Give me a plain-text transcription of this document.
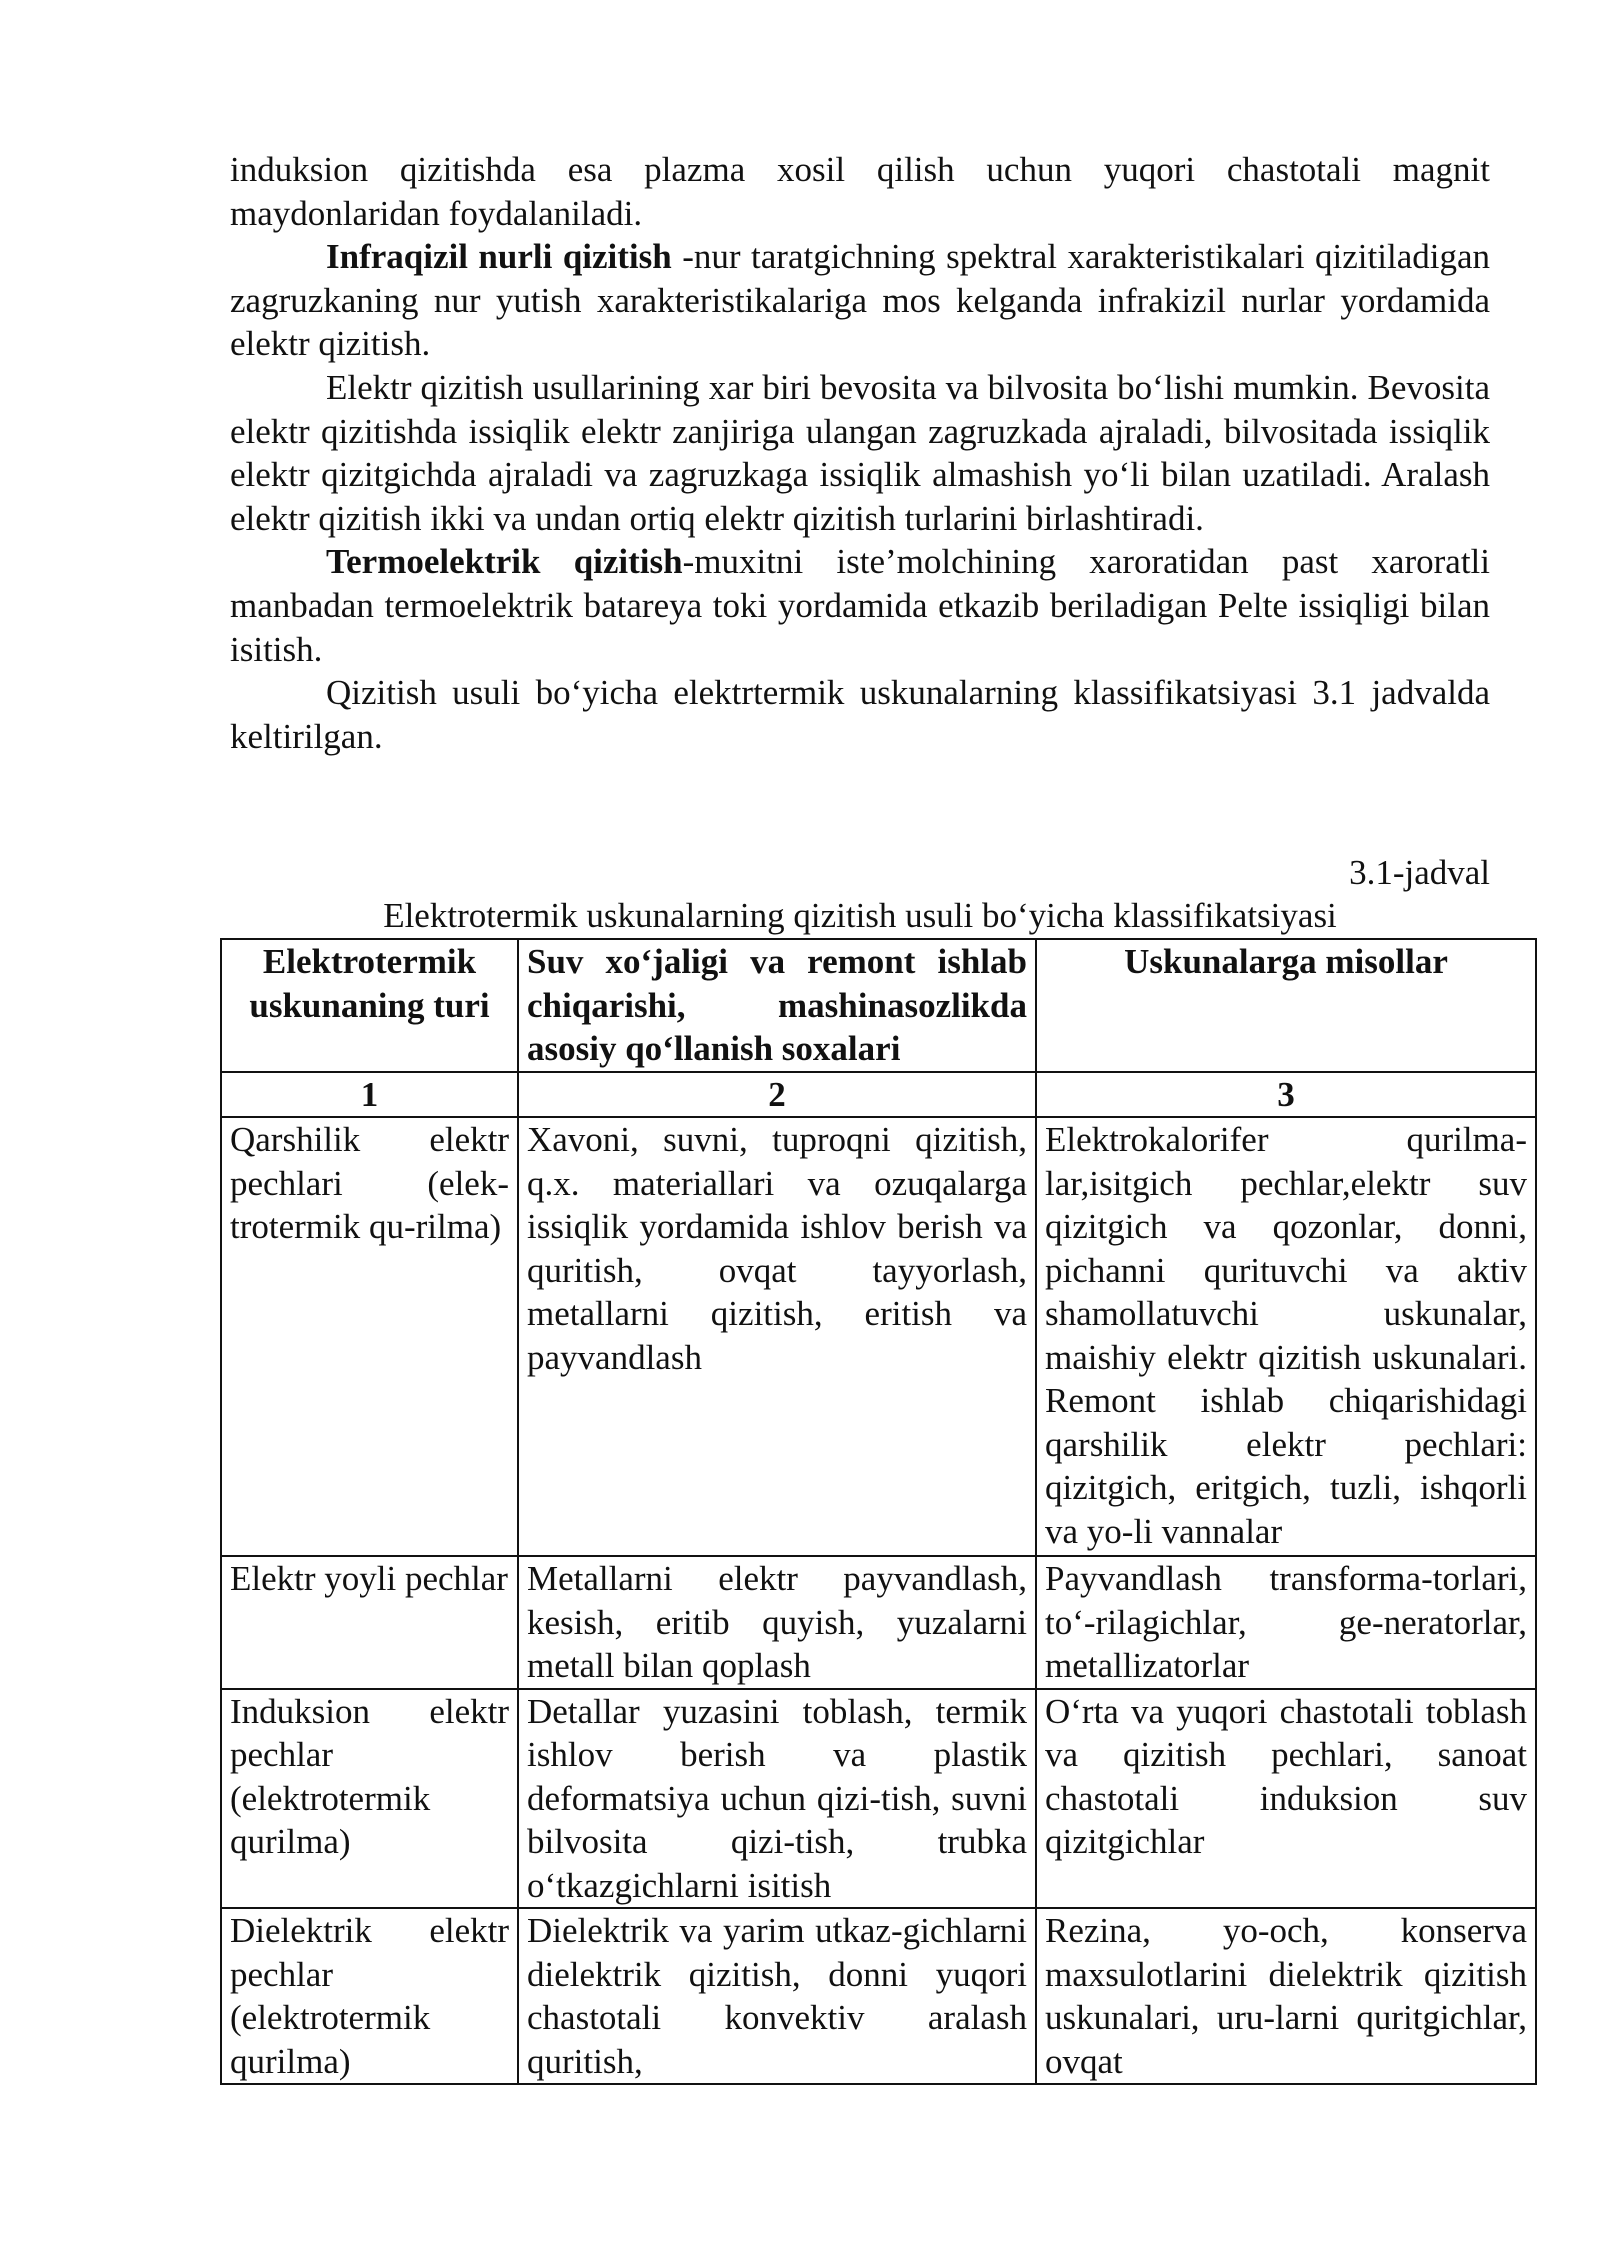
induksion qizitishda esa plazma xosil qilish uchun yuqori chastotali magnit maydonlaridan foydalaniladi.

Infraqizil nurli qizitish -nur taratgichning spektral xarakteristikalari qizitiladigan zagruzkaning nur yutish xarakteristikalariga mos kelganda infrakizil nurlar yordamida elektr qizitish.

Elektr qizitish usullarining xar biri bevosita va bilvosita bo‘lishi mumkin. Bevosita elektr qizitishda issiqlik elektr zanjiriga ulangan zagruzkada ajraladi, bilvositada issiqlik elektr qizitgichda ajraladi va zagruzkaga issiqlik almashish yo‘li bilan uzatiladi. Aralash elektr qizitish ikki va undan ortiq elektr qizitish turlarini birlashtiradi.

Termoelektrik qizitish-muxitni iste’molchining xaroratidan past xaroratli manbadan termoelektrik batareya toki yordamida etkazib beriladigan Pelte issiqligi bilan isitish.

Qizitish usuli bo‘yicha elektrtermik uskunalarning klassifikatsiyasi 3.1 jadvalda keltirilgan.

3.1-jadval
Elektrotermik uskunalarning qizitish usuli bo‘yicha klassifikatsiyasi
Elektrotermik uskunaning turi	Suv xo‘jaligi va remont ishlab chiqarishi, mashinasozlikda asosiy qo‘llanish soxalari	Uskunalarga misollar
1	2	3
Qarshilik elektr pechlari (elek-trotermik qu-rilma)	Xavoni, suvni, tuproqni qizitish, q.x. materiallari va ozuqalarga issiqlik yordamida ishlov berish va quritish, ovqat tayyorlash, metallarni qizitish, eritish va payvandlash	Elektrokalorifer qurilma-lar,isitgich pechlar,elektr suv qizitgich va qozonlar, donni, pichanni qurituvchi va aktiv shamollatuvchi uskunalar, maishiy elektr qizitish uskunalari. Remont ishlab chiqarishidagi qarshilik elektr pechlari: qizitgich, eritgich, tuzli, ishqorli va yo-li vannalar
Elektr yoyli pechlar	Metallarni elektr payvandlash, kesish, eritib quyish, yuzalarni metall bilan qoplash	Payvandlash transforma-torlari, to‘-rilagichlar, ge-neratorlar, metallizatorlar
Induksion elektr pechlar (elektrotermik qurilma)	Detallar yuzasini toblash, termik ishlov berish va plastik deformatsiya uchun qizi-tish, suvni bilvosita qizi-tish, trubka o‘tkazgichlarni isitish	O‘rta va yuqori chastotali toblash va qizitish pechlari, sanoat chastotali induksion suv qizitgichlar
Dielektrik elektr pechlar (elektrotermik qurilma)	Dielektrik va yarim utkaz-gichlarni dielektrik qizitish, donni yuqori chastotali konvektiv aralash quritish,	Rezina, yo-och, konserva maxsulotlarini dielektrik qizitish uskunalari, uru-larni quritgichlar, ovqat
